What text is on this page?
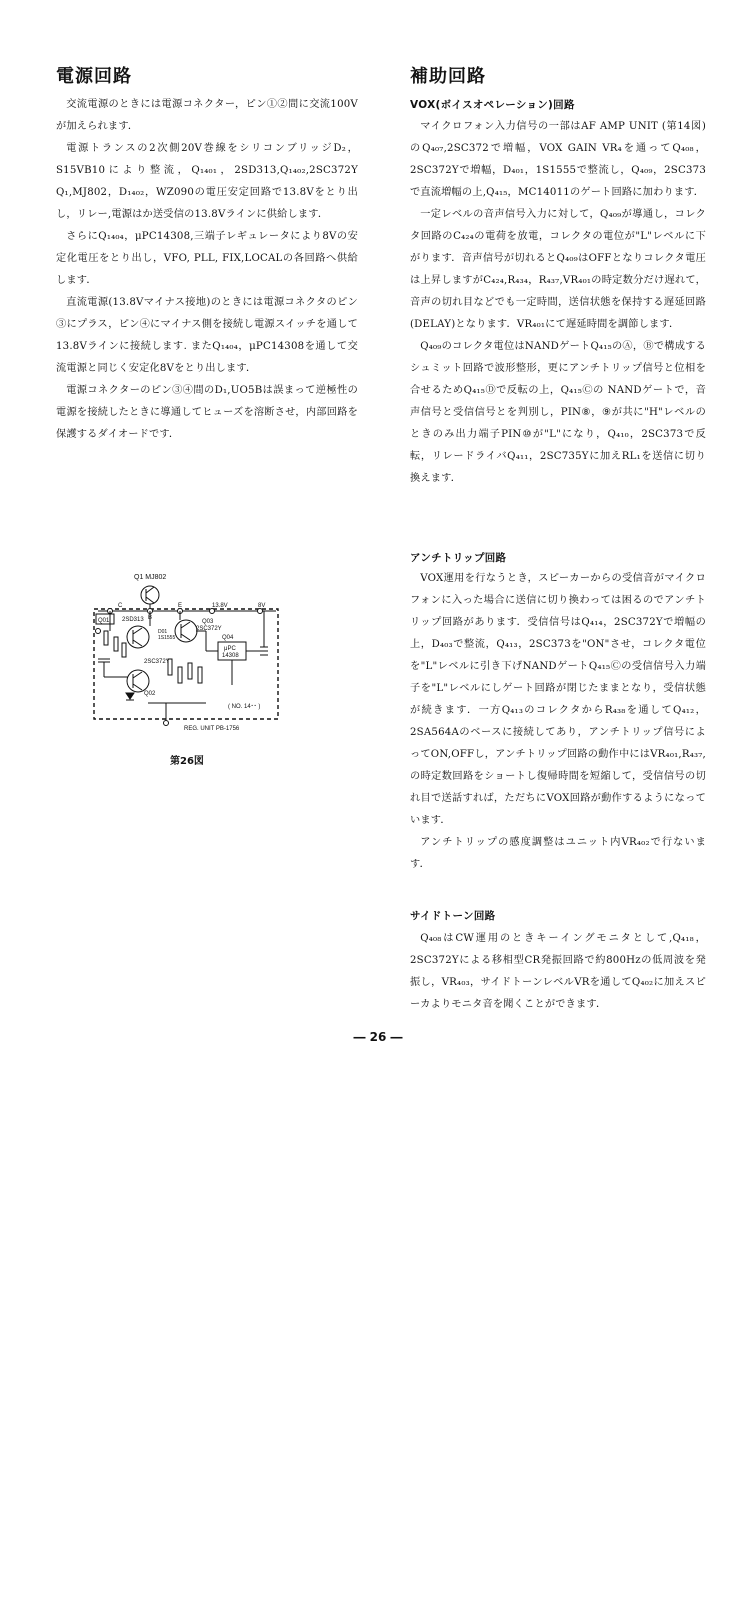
電源回路

交流電源のときには電源コネクター，ピン①②間に交流100Vが加えられます．

電源トランスの2次側20V巻線をシリコンブリッジD₂，S15VB10により整流，Q₁₄₀₁，2SD313,Q₁₄₀₂,2SC372Y Q₁,MJ802，D₁₄₀₂，WZ090の電圧安定回路で13.8Vをとり出し，リレー,電源はか送受信の13.8Vラインに供給します．

さらにQ₁₄₀₄，μPC14308,三端子レギュレータにより8Vの安定化電圧をとり出し，VFO, PLL, FIX,LOCALの各回路へ供給します．

直流電源(13.8Vマイナス接地)のときには電源コネクタのピン③にプラス，ピン④にマイナス側を接続し電源スイッチを通して13.8Vラインに接続します. またQ₁₄₀₄，μPC14308を通して交流電源と同じく安定化8Vをとり出します．

電源コネクターのピン③④間のD₁,UO5Bは誤まって逆極性の電源を接続したときに導通してヒューズを溶断させ，内部回路を保護するダイオードです．

Q1 MJ802
C
B
E	13.8V	8V
Q01 2SD313	Q03
2SC372Y
D01
1S1555	Q04
μPC
14308
2SC372Y
Q02
( NO. 14･･ )
REG. UNIT PB-1756
第26図
補助回路
VOX(ボイスオペレーション)回路

マイクロフォン入力信号の一部はAF AMP UNIT (第14図)のQ₄₀₇,2SC372で増幅，VOX GAIN VR₄を通ってQ₄₀₈，2SC372Yで増幅，D₄₀₁，1S1555で整流し，Q₄₀₉，2SC373で直流増幅の上,Q₄₁₅，MC14011のゲート回路に加わります．

一定レベルの音声信号入力に対して，Q₄₀₉が導通し，コレクタ回路のC₄₂₄の電荷を放電，コレクタの電位が"L"レベルに下がります．音声信号が切れるとQ₄₀₉はOFFとなりコレクタ電圧は上昇しますがC₄₂₄,R₄₃₄，R₄₃₇,VR₄₀₁の時定数分だけ遅れて，音声の切れ目などでも一定時間，送信状態を保持する遅延回路(DELAY)となります．VR₄₀₁にて遅延時間を調節します．

Q₄₀₉のコレクタ電位はNANDゲートQ₄₁₅のⒶ，Ⓑで構成するシュミット回路で波形整形，更にアンチトリップ信号と位相を合せるためQ₄₁₅Ⓓで反転の上，Q₄₁₅Ⓒの NANDゲートで，音声信号と受信信号とを判別し，PIN⑧，⑨が共に"H"レベルのときのみ出力端子PIN⑩が"L"になり，Q₄₁₀，2SC373で反転，リレードライバQ₄₁₁，2SC735Yに加えRL₁を送信に切り換えます．

アンチトリップ回路

VOX運用を行なうとき，スピーカーからの受信音がマイクロフォンに入った場合に送信に切り換わっては困るのでアンチトリップ回路があります．受信信号はQ₄₁₄，2SC372Yで増幅の上，D₄₀₃で整流，Q₄₁₃，2SC373を"ON"させ，コレクタ電位を"L"レベルに引き下げNANDゲートQ₄₁₅Ⓒの受信信号入力端子を"L"レベルにしゲート回路が閉じたままとなり，受信状態が続きます．一方Q₄₁₃のコレクタからR₄₃₈を通してQ₄₁₂，2SA564Aのベースに接続してあり，アンチトリップ信号によってON,OFFし，アンチトリップ回路の動作中にはVR₄₀₁,R₄₃₇,の時定数回路をショートし復帰時間を短縮して，受信信号の切れ目で送話すれば，ただちにVOX回路が動作するようになっています．

アンチトリップの感度調整はユニット内VR₄₀₂で行ないます．

サイドトーン回路

Q₄₀₈はCW運用のときキーイングモニタとして,Q₄₁₈，2SC372Yによる移相型CR発振回路で約800Hzの低周波を発振し，VR₄₀₃，サイドトーンレベルVRを通してQ₄₀₂に加えスピーカよりモニタ音を聞くことができます．

― 26 ―
